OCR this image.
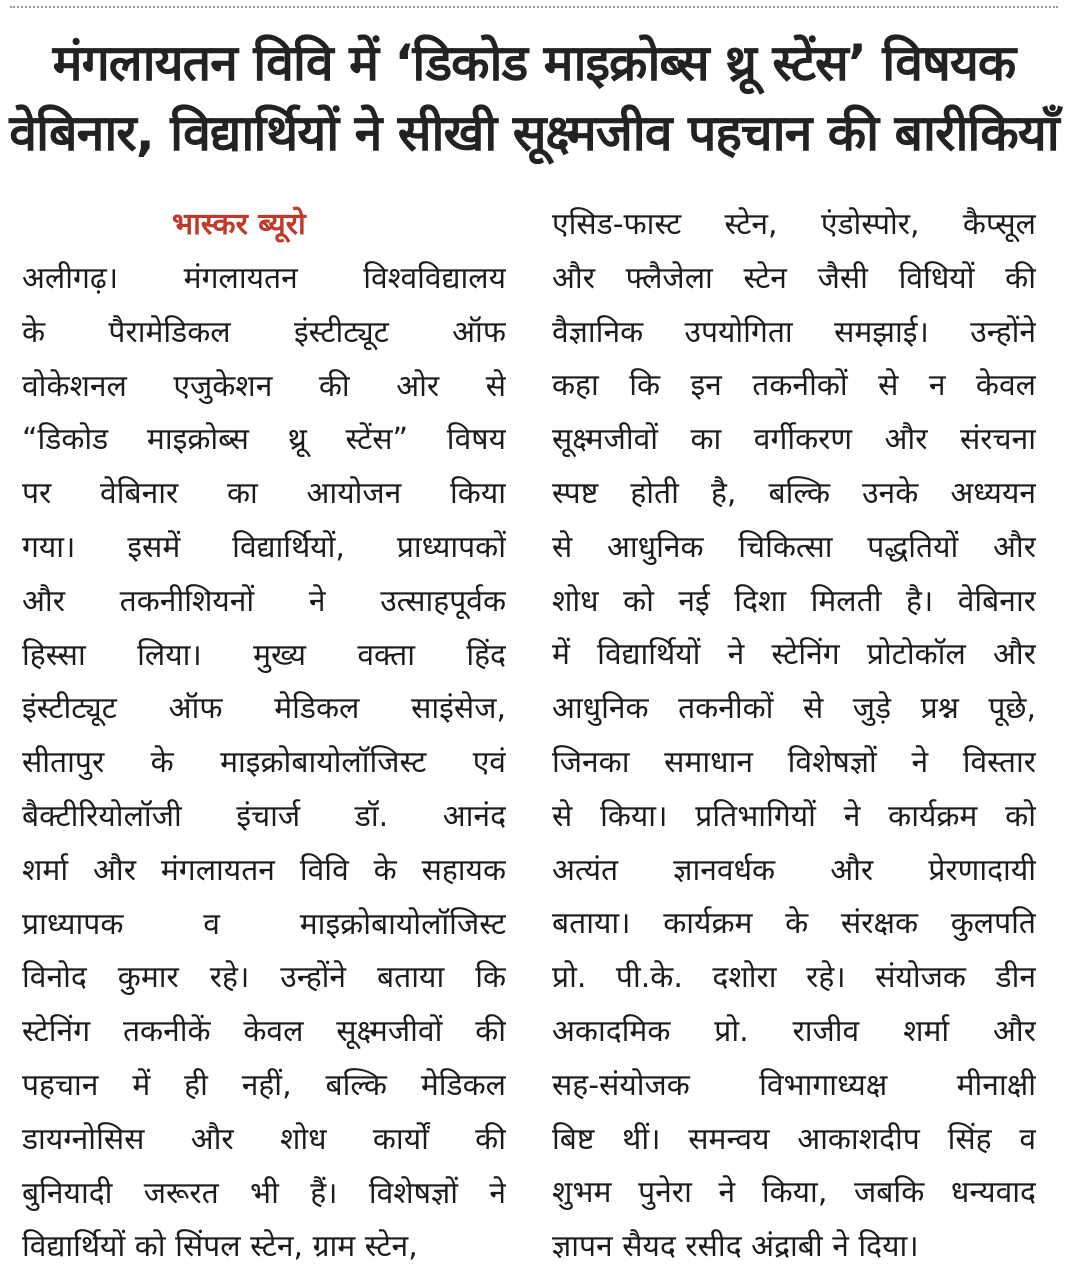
मंगलायतन विवि में ‘डिकोड माइक्रोब्स थ्रू स्टेंस’ विषयक
वेबिनार, विद्यार्थियों ने सीखी सूक्ष्मजीव पहचान की बारीकियाँ
भास्कर ब्यूरो
अलीगढ़। मंगलायतन विश्वविद्यालय
के पैरामेडिकल इंस्टीट्यूट ऑफ
वोकेशनल एजुकेशन की ओर से
“डिकोड माइक्रोब्स थ्रू स्टेंस” विषय
पर वेबिनार का आयोजन किया
गया। इसमें विद्यार्थियों, प्राध्यापकों
और तकनीशियनों ने उत्साहपूर्वक
हिस्सा लिया। मुख्य वक्ता हिंद
इंस्टीट्यूट ऑफ मेडिकल साइंसेज,
सीतापुर के माइक्रोबायोलॉजिस्ट एवं
बैक्टीरियोलॉजी इंचार्ज डॉ. आनंद
शर्मा और मंगलायतन विवि के सहायक
प्राध्यापक व माइक्रोबायोलॉजिस्ट
विनोद कुमार रहे। उन्होंने बताया कि
स्टेनिंग तकनीकें केवल सूक्ष्मजीवों की
पहचान में ही नहीं, बल्कि मेडिकल
डायग्नोसिस और शोध कार्यों की
बुनियादी जरूरत भी हैं। विशेषज्ञों ने
विद्यार्थियों को सिंपल स्टेन, ग्राम स्टेन,
एसिड-फास्ट स्टेन, एंडोस्पोर, कैप्सूल
और फ्लैजेला स्टेन जैसी विधियों की
वैज्ञानिक उपयोगिता समझाई। उन्होंने
कहा कि इन तकनीकों से न केवल
सूक्ष्मजीवों का वर्गीकरण और संरचना
स्पष्ट होती है, बल्कि उनके अध्ययन
से आधुनिक चिकित्सा पद्धतियों और
शोध को नई दिशा मिलती है। वेबिनार
में विद्यार्थियों ने स्टेनिंग प्रोटोकॉल और
आधुनिक तकनीकों से जुड़े प्रश्न पूछे,
जिनका समाधान विशेषज्ञों ने विस्तार
से किया। प्रतिभागियों ने कार्यक्रम को
अत्यंत ज्ञानवर्धक और प्रेरणादायी
बताया। कार्यक्रम के संरक्षक कुलपति
प्रो. पी.के. दशोरा रहे। संयोजक डीन
अकादमिक प्रो. राजीव शर्मा और
सह-संयोजक विभागाध्यक्ष मीनाक्षी
बिष्ट थीं। समन्वय आकाशदीप सिंह व
शुभम पुनेरा ने किया, जबकि धन्यवाद
ज्ञापन सैयद रसीद अंद्राबी ने दिया।
